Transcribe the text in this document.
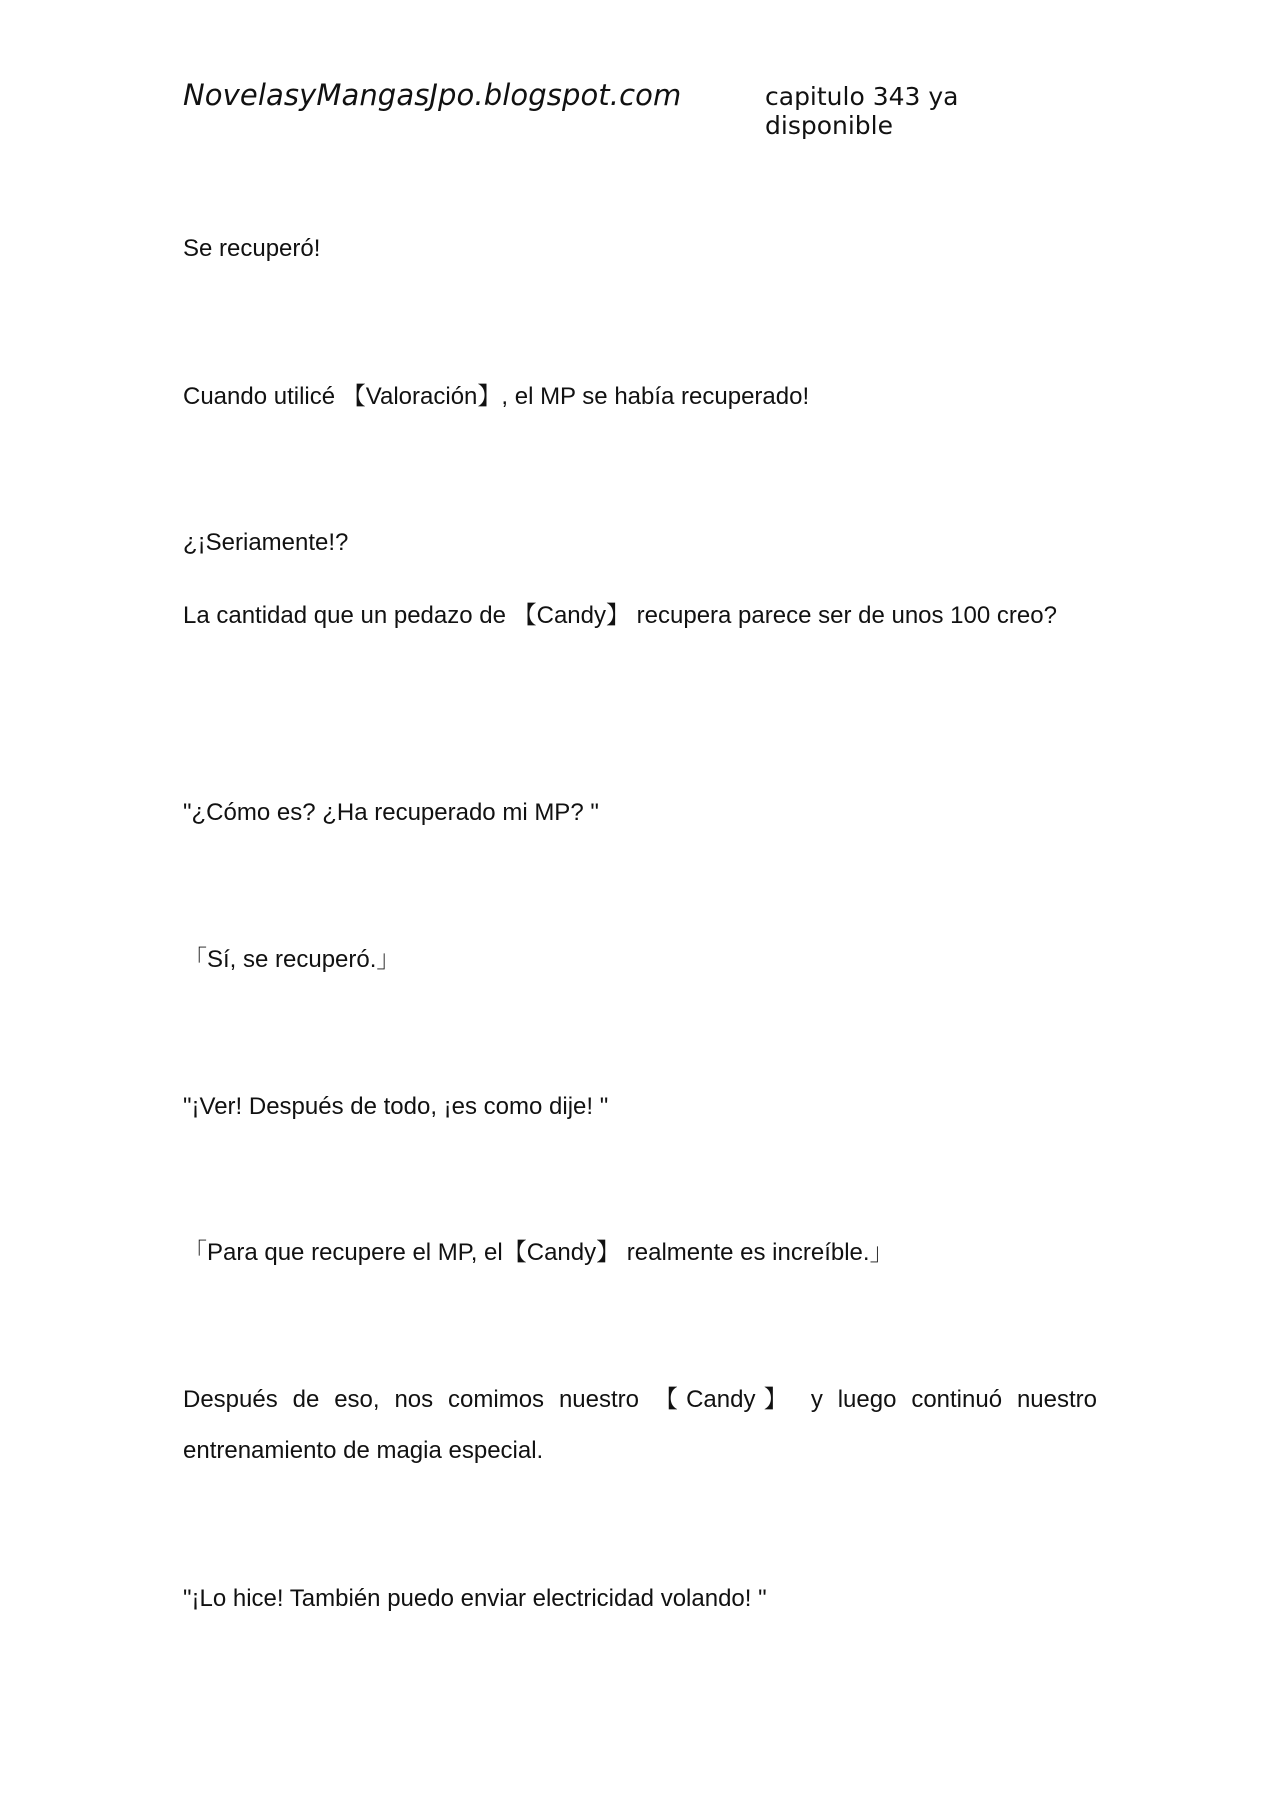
NovelasyMangasJpo.blogspot.com	capitulo 343 ya disponible

Se recuperó!

Cuando utilicé 【Valoración】, el MP se había recuperado!

¿¡Seriamente!?

La cantidad que un pedazo de 【Candy】 recupera parece ser de unos 100 creo?

"¿Cómo es? ¿Ha recuperado mi MP? "

「Sí, se recuperó.」

"¡Ver! Después de todo, ¡es como dije! "

「Para que recupere el MP, el【Candy】 realmente es increíble.」

Después de eso, nos comimos nuestro 【Candy】 y luego continuó nuestro entrenamiento de magia especial.

"¡Lo hice! También puedo enviar electricidad volando! "
